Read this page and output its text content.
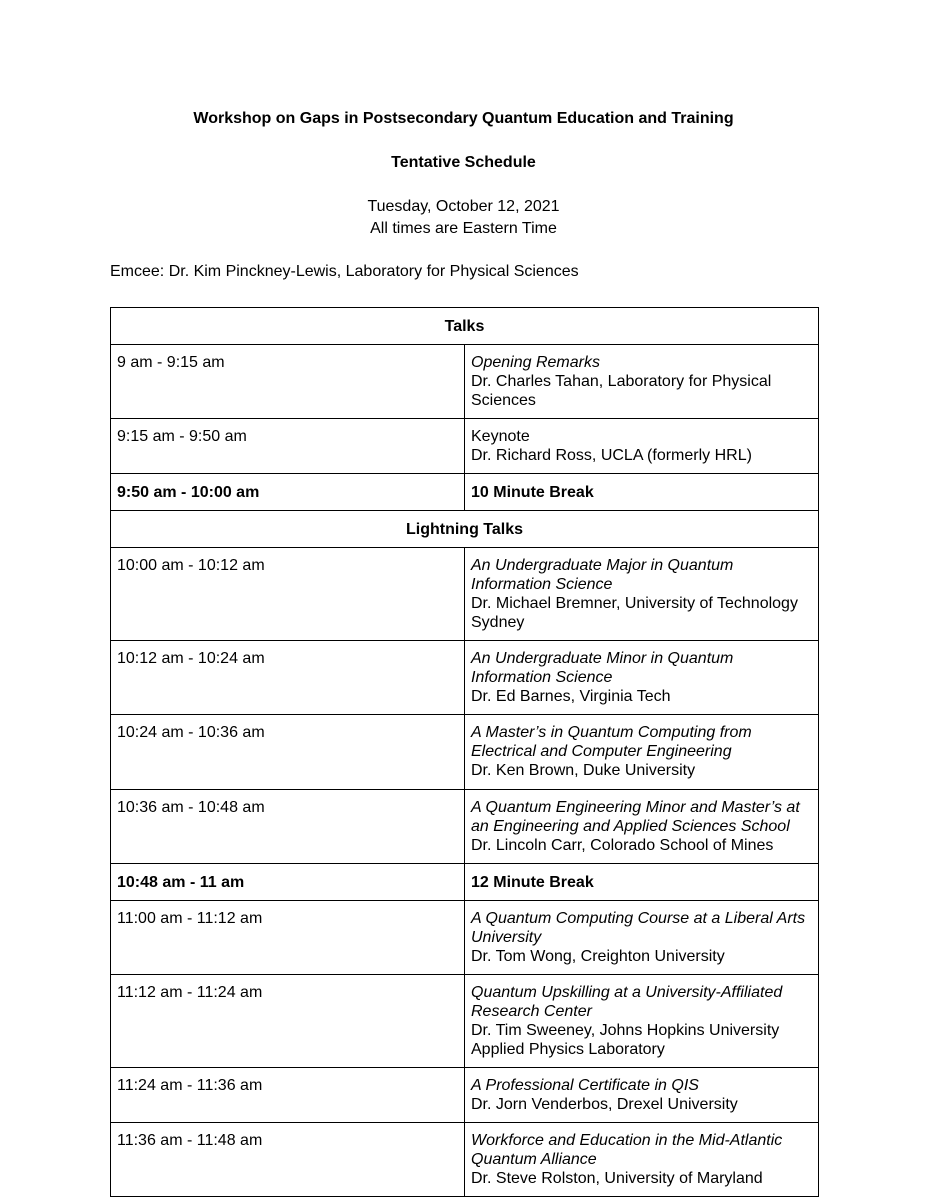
Workshop on Gaps in Postsecondary Quantum Education and Training
Tentative Schedule
Tuesday, October 12, 2021
All times are Eastern Time
Emcee: Dr. Kim Pinckney-Lewis, Laboratory for Physical Sciences
Talks	
9 am - 9:15 am	Opening Remarks
Dr. Charles Tahan, Laboratory for Physical Sciences

9:15 am - 9:50 am	Keynote
Dr. Richard Ross, UCLA (formerly HRL)

9:50 am - 10:00 am	10 Minute Break
Lightning Talks	
10:00 am - 10:12 am	An Undergraduate Major in Quantum Information Science
Dr. Michael Bremner, University of Technology Sydney

10:12 am - 10:24 am	An Undergraduate Minor in Quantum Information Science
Dr. Ed Barnes, Virginia Tech

10:24 am - 10:36 am	A Master’s in Quantum Computing from Electrical and Computer Engineering
Dr. Ken Brown, Duke University

10:36 am - 10:48 am	A Quantum Engineering Minor and Master’s at an Engineering and Applied Sciences School
Dr. Lincoln Carr, Colorado School of Mines

10:48 am - 11 am	12 Minute Break
11:00 am - 11:12 am	A Quantum Computing Course at a Liberal Arts University
Dr. Tom Wong, Creighton University

11:12 am - 11:24 am	Quantum Upskilling at a University-Affiliated Research Center
Dr. Tim Sweeney, Johns Hopkins University Applied Physics Laboratory

11:24 am - 11:36 am	A Professional Certificate in QIS
Dr. Jorn Venderbos, Drexel University

11:36 am - 11:48 am	Workforce and Education in the Mid-Atlantic Quantum Alliance
Dr. Steve Rolston, University of Maryland
